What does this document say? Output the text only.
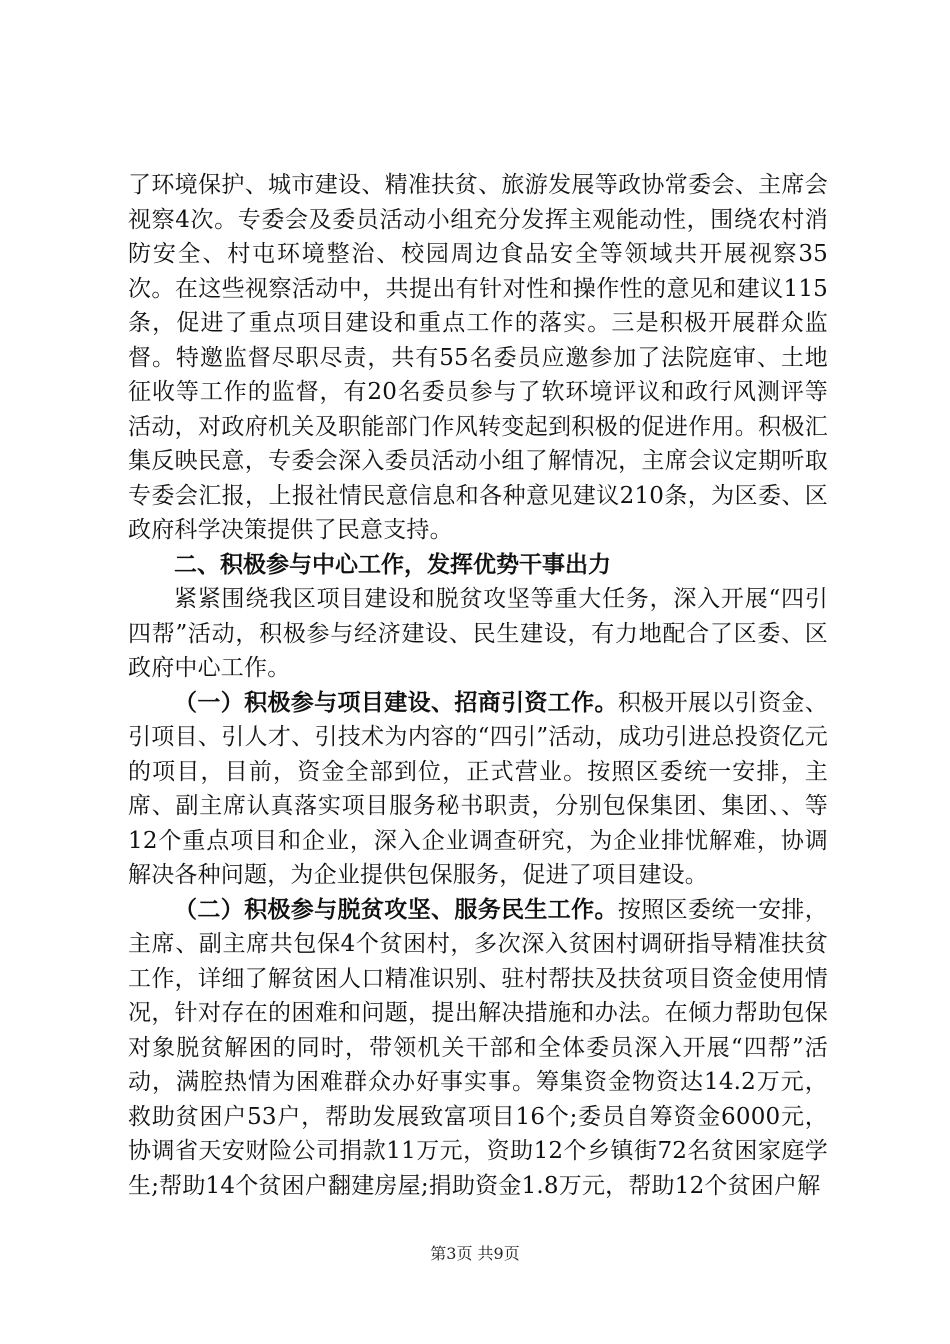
了环境保护、城市建设、精准扶贫、旅游发展等政协常委会、主席会视察4次。专委会及委员活动小组充分发挥主观能动性，围绕农村消防安全、村屯环境整治、校园周边食品安全等领域共开展视察35次。在这些视察活动中，共提出有针对性和操作性的意见和建议115条，促进了重点项目建设和重点工作的落实。三是积极开展群众监督。特邀监督尽职尽责，共有55名委员应邀参加了法院庭审、土地征收等工作的监督，有20名委员参与了软环境评议和政行风测评等活动，对政府机关及职能部门作风转变起到积极的促进作用。积极汇集反映民意，专委会深入委员活动小组了解情况，主席会议定期听取专委会汇报，上报社情民意信息和各种意见建议210条，为区委、区政府科学决策提供了民意支持。

二、积极参与中心工作，发挥优势干事出力

紧紧围绕我区项目建设和脱贫攻坚等重大任务，深入开展“四引四帮”活动，积极参与经济建设、民生建设，有力地配合了区委、区政府中心工作。

（一）积极参与项目建设、招商引资工作。积极开展以引资金、引项目、引人才、引技术为内容的“四引”活动，成功引进总投资亿元的项目，目前，资金全部到位，正式营业。按照区委统一安排，主席、副主席认真落实项目服务秘书职责，分别包保集团、集团、、等12个重点项目和企业，深入企业调查研究，为企业排忧解难，协调解决各种问题，为企业提供包保服务，促进了项目建设。

（二）积极参与脱贫攻坚、服务民生工作。按照区委统一安排，主席、副主席共包保4个贫困村，多次深入贫困村调研指导精准扶贫工作，详细了解贫困人口精准识别、驻村帮扶及扶贫项目资金使用情况，针对存在的困难和问题，提出解决措施和办法。在倾力帮助包保对象脱贫解困的同时，带领机关干部和全体委员深入开展“四帮”活动，满腔热情为困难群众办好事实事。筹集资金物资达14.2万元，救助贫困户53户，帮助发展致富项目16个;委员自筹资金6000元，协调省天安财险公司捐款11万元，资助12个乡镇街72名贫困家庭学生;帮助14个贫困户翻建房屋;捐助资金1.8万元，帮助12个贫困户解

第3页 共9页
